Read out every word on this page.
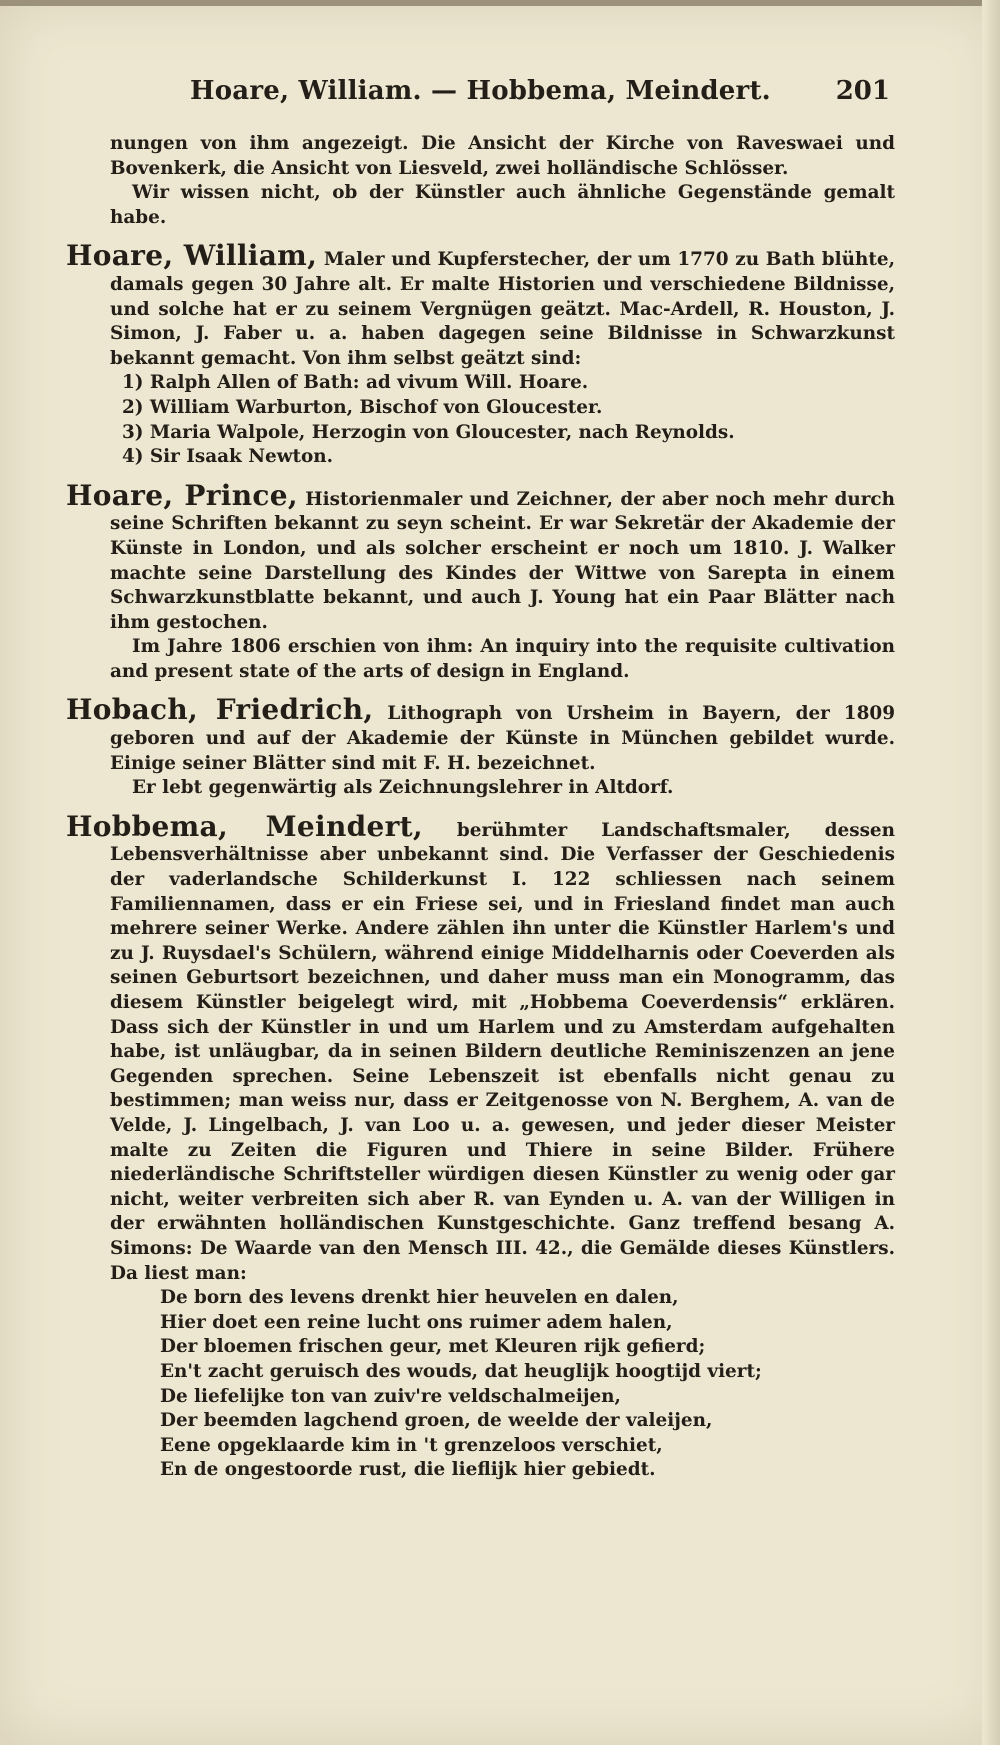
Hoare, William. — Hobbema, Meindert. 201

nungen von ihm angezeigt. Die Ansicht der Kirche von Raveswaei und Bovenkerk, die Ansicht von Liesveld, zwei holländische Schlösser.

Wir wissen nicht, ob der Künstler auch ähnliche Gegenstände gemalt habe.

Hoare, William, Maler und Kupferstecher, der um 1770 zu Bath blühte, damals gegen 30 Jahre alt. Er malte Historien und verschiedene Bildnisse, und solche hat er zu seinem Vergnügen geätzt. Mac-Ardell, R. Houston, J. Simon, J. Faber u. a. haben dagegen seine Bildnisse in Schwarzkunst bekannt gemacht. Von ihm selbst geätzt sind:

1) Ralph Allen of Bath: ad vivum Will. Hoare.
2) William Warburton, Bischof von Gloucester.
3) Maria Walpole, Herzogin von Gloucester, nach Reynolds.
4) Sir Isaak Newton.

Hoare, Prince, Historienmaler und Zeichner, der aber noch mehr durch seine Schriften bekannt zu seyn scheint. Er war Sekretär der Akademie der Künste in London, und als solcher erscheint er noch um 1810. J. Walker machte seine Darstellung des Kindes der Wittwe von Sarepta in einem Schwarzkunstblatte bekannt, und auch J. Young hat ein Paar Blätter nach ihm gestochen.

Im Jahre 1806 erschien von ihm: An inquiry into the requisite cultivation and present state of the arts of design in England.

Hobach, Friedrich, Lithograph von Ursheim in Bayern, der 1809 geboren und auf der Akademie der Künste in München gebildet wurde. Einige seiner Blätter sind mit F. H. bezeichnet.

Er lebt gegenwärtig als Zeichnungslehrer in Altdorf.

Hobbema, Meindert, berühmter Landschaftsmaler, dessen Lebensverhältnisse aber unbekannt sind. Die Verfasser der Geschiedenis der vaderlandsche Schilderkunst I. 122 schliessen nach seinem Familiennamen, dass er ein Friese sei, und in Friesland findet man auch mehrere seiner Werke. Andere zählen ihn unter die Künstler Harlem's und zu J. Ruysdael's Schülern, während einige Middelharnis oder Coeverden als seinen Geburtsort bezeichnen, und daher muss man ein Monogramm, das diesem Künstler beigelegt wird, mit „Hobbema Coeverdensis“ erklären. Dass sich der Künstler in und um Harlem und zu Amsterdam aufgehalten habe, ist unläugbar, da in seinen Bildern deutliche Reminiszenzen an jene Gegenden sprechen. Seine Lebenszeit ist ebenfalls nicht genau zu bestimmen; man weiss nur, dass er Zeitgenosse von N. Berghem, A. van de Velde, J. Lingelbach, J. van Loo u. a. gewesen, und jeder dieser Meister malte zu Zeiten die Figuren und Thiere in seine Bilder. Frühere niederländische Schriftsteller würdigen diesen Künstler zu wenig oder gar nicht, weiter verbreiten sich aber R. van Eynden u. A. van der Willigen in der erwähnten holländischen Kunstgeschichte. Ganz treffend besang A. Simons: De Waarde van den Mensch III. 42., die Gemälde dieses Künstlers. Da liest man:

De born des levens drenkt hier heuvelen en dalen,
Hier doet een reine lucht ons ruimer adem halen,
Der bloemen frischen geur, met Kleuren rijk gefierd;
En't zacht geruisch des wouds, dat heuglijk hoogtijd viert;
De liefelijke ton van zuiv're veldschalmeijen,
Der beemden lagchend groen, de weelde der valeijen,
Eene opgeklaarde kim in 't grenzeloos verschiet,
En de ongestoorde rust, die lieflijk hier gebiedt.
